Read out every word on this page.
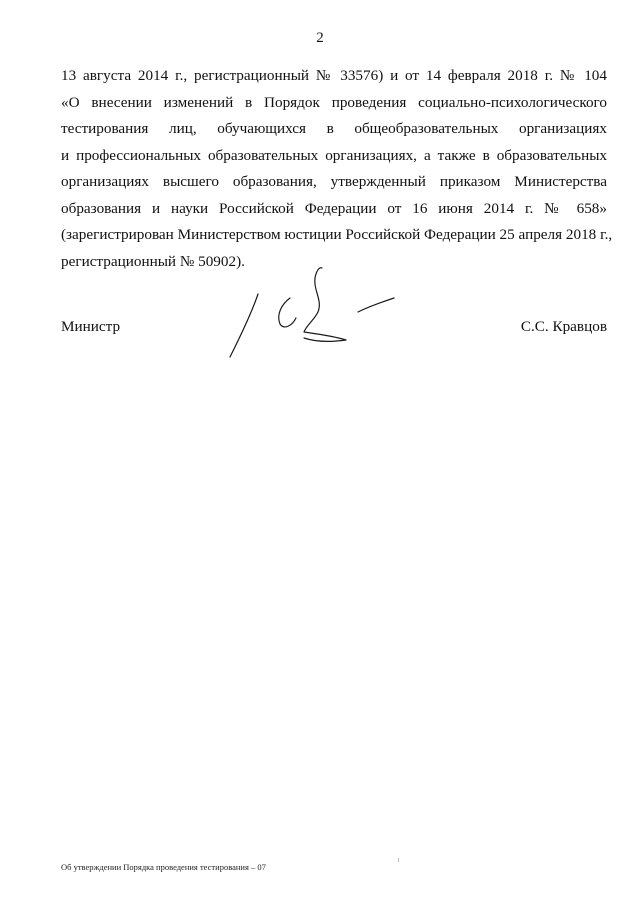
2
13 августа 2014 г., регистрационный № 33576) и от 14 февраля 2018 г. № 104
«О внесении изменений в Порядок проведения социально-психологического
тестирования лиц, обучающихся в общеобразовательных организациях
и профессиональных образовательных организациях, а также в образовательных
организациях высшего образования, утвержденный приказом Министерства
образования и науки Российской Федерации от 16 июня 2014 г. № 658»
(зарегистрирован Министерством юстиции Российской Федерации 25 апреля 2018 г.,
регистрационный № 50902).
Министр	С.С. Кравцов
Об утверждении Порядка проведения тестирования – 07
